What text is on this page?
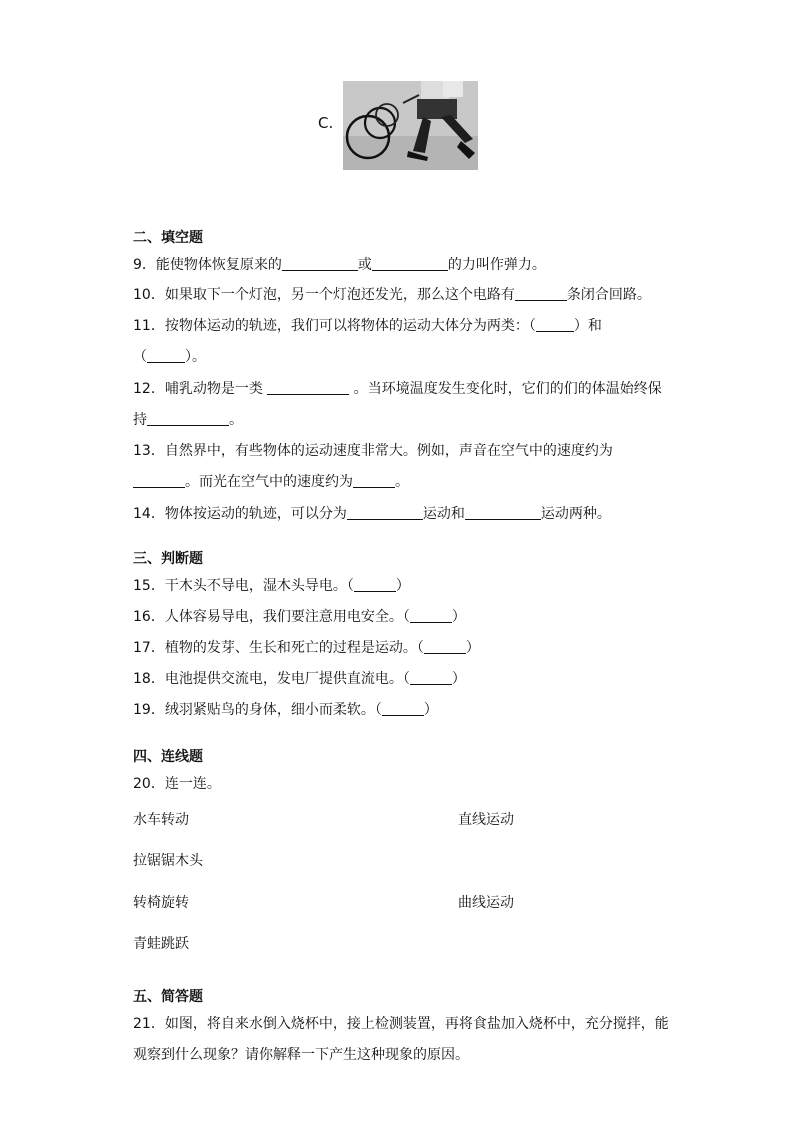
C.
二、填空题
9．能使物体恢复原来的	或	的力叫作弹力。
10．如果取下一个灯泡，另一个灯泡还发光，那么这个电路有	条闭合回路。
11．按物体运动的轨迹，我们可以将物体的运动大体分为两类：（	）和
（	）。
12．哺乳动物是一类	。当环境温度发生变化时，它们的们的体温始终保
持	。
13．自然界中，有些物体的运动速度非常大。例如，声音在空气中的速度约为
。而光在空气中的速度约为	。
14．物体按运动的轨迹，可以分为	运动和	运动两种。
三、判断题
15．干木头不导电，湿木头导电。（	）
16．人体容易导电，我们要注意用电安全。（	）
17．植物的发芽、生长和死亡的过程是运动。（	）
18．电池提供交流电，发电厂提供直流电。（	）
19．绒羽紧贴鸟的身体，细小而柔软。（	）
四、连线题
20．连一连。
水车转动
拉锯锯木头
转椅旋转
青蛙跳跃
直线运动
曲线运动
五、简答题
21．如图，将自来水倒入烧杯中，接上检测装置，再将食盐加入烧杯中，充分搅拌，能
观察到什么现象？请你解释一下产生这种现象的原因。
